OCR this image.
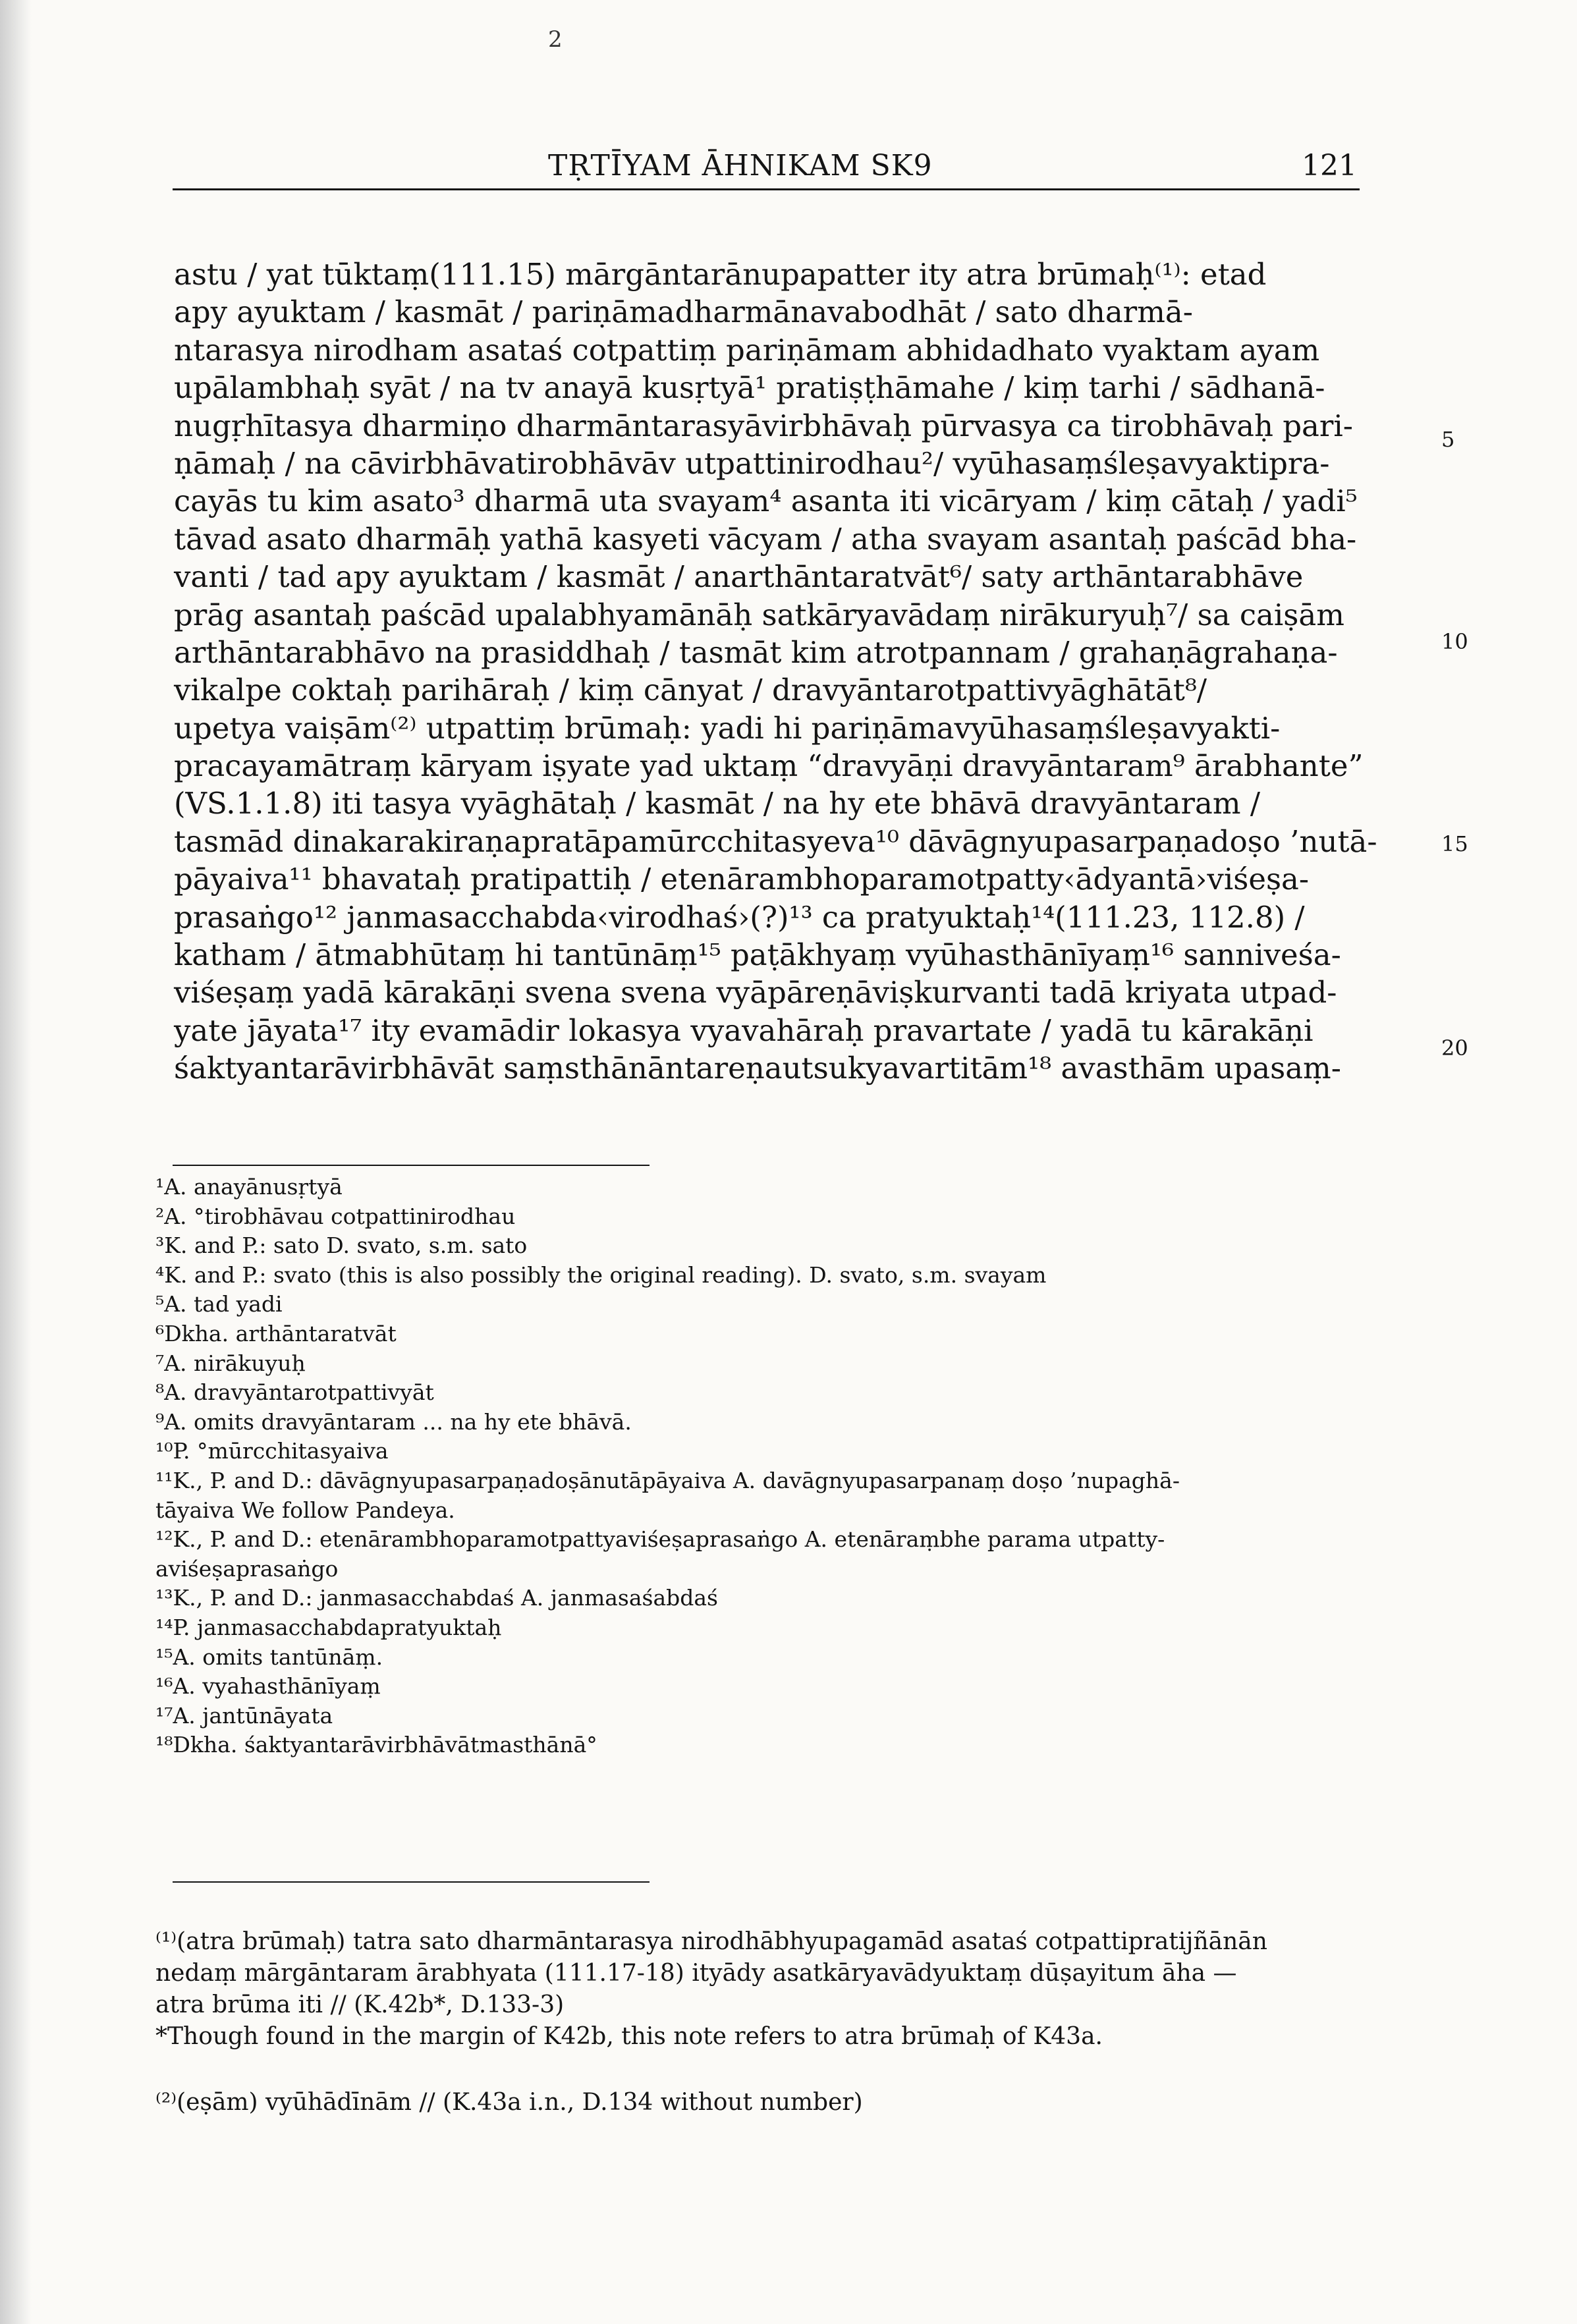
2
TṚTĪYAM ĀHNIKAM SK9	121
astu / yat tūktaṃ(111.15) mārgāntarānupapatter ity atra brūmaḥ⁽¹⁾: etad
apy ayuktam / kasmāt / pariṇāmadharmānavabodhāt / sato dharmā-
ntarasya nirodham asataś cotpattiṃ pariṇāmam abhidadhato vyaktam ayam
upālambhaḥ syāt / na tv anayā kusṛtyā¹ pratiṣṭhāmahe / kiṃ tarhi / sādhanā-
nugṛhītasya dharmiṇo dharmāntarasyāvirbhāvaḥ pūrvasya ca tirobhāvaḥ pari-
ṇāmaḥ / na cāvirbhāvatirobhāvāv utpattinirodhau²/ vyūhasaṃśleṣavyaktipra-
cayās tu kim asato³ dharmā uta svayam⁴ asanta iti vicāryam / kiṃ cātaḥ / yadi⁵
tāvad asato dharmāḥ yathā kasyeti vācyam / atha svayam asantaḥ paścād bha-
vanti / tad apy ayuktam / kasmāt / anarthāntaratvāt⁶/ saty arthāntarabhāve
prāg asantaḥ paścād upalabhyamānāḥ satkāryavādaṃ nirākuryuḥ⁷/ sa caiṣām
arthāntarabhāvo na prasiddhaḥ / tasmāt kim atrotpannam / grahaṇāgrahaṇa-
vikalpe coktaḥ parihāraḥ / kiṃ cānyat / dravyāntarotpattivyāghātāt⁸/
upetya vaiṣām⁽²⁾ utpattiṃ brūmaḥ: yadi hi pariṇāmavyūhasaṃśleṣavyakti-
pracayamātraṃ kāryam iṣyate yad uktaṃ “dravyāṇi dravyāntaram⁹ ārabhante”
(VS.1.1.8) iti tasya vyāghātaḥ / kasmāt / na hy ete bhāvā dravyāntaram /
tasmād dinakarakiraṇapratāpamūrcchitasyeva¹⁰ dāvāgnyupasarpaṇadoṣo ’nutā-
pāyaiva¹¹ bhavataḥ pratipattiḥ / etenārambhoparamotpatty‹ādyantā›viśeṣa-
prasaṅgo¹² janmasacchabda‹virodhaś›(?)¹³ ca pratyuktaḥ¹⁴(111.23, 112.8) /
katham / ātmabhūtaṃ hi tantūnāṃ¹⁵ paṭākhyaṃ vyūhasthānīyaṃ¹⁶ sanniveśa-
viśeṣaṃ yadā kārakāṇi svena svena vyāpāreṇāviṣkurvanti tadā kriyata utpad-
yate jāyata¹⁷ ity evamādir lokasya vyavahāraḥ pravartate / yadā tu kārakāṇi
śaktyantarāvirbhāvāt saṃsthānāntareṇautsukyavartitām¹⁸ avasthām upasaṃ-
5
10
15
20
¹A. anayānusṛtyā
²A. °tirobhāvau cotpattinirodhau
³K. and P.: sato D. svato, s.m. sato
⁴K. and P.: svato (this is also possibly the original reading). D. svato, s.m. svayam
⁵A. tad yadi
⁶Dkha. arthāntaratvāt
⁷A. nirākuyuḥ
⁸A. dravyāntarotpattivyāt
⁹A. omits dravyāntaram ... na hy ete bhāvā.
¹⁰P. °mūrcchitasyaiva
¹¹K., P. and D.: dāvāgnyupasarpaṇadoṣānutāpāyaiva A. davāgnyupasarpanaṃ doṣo ’nupaghā-
tāyaiva We follow Pandeya.
¹²K., P. and D.: etenārambhoparamotpattyaviśeṣaprasaṅgo A. etenāraṃbhe parama utpatty-
aviśeṣaprasaṅgo
¹³K., P. and D.: janmasacchabdaś A. janmasaśabdaś
¹⁴P. janmasacchabdapratyuktaḥ
¹⁵A. omits tantūnāṃ.
¹⁶A. vyahasthānīyaṃ
¹⁷A. jantūnāyata
¹⁸Dkha. śaktyantarāvirbhāvātmasthānā°
⁽¹⁾(atra brūmaḥ) tatra sato dharmāntarasya nirodhābhyupagamād asataś cotpattipratijñānān
nedaṃ mārgāntaram ārabhyata (111.17-18) ityādy asatkāryavādyuktaṃ dūṣayitum āha —
atra brūma iti // (K.42b*, D.133-3)
*Though found in the margin of K42b, this note refers to atra brūmaḥ of K43a.
⁽²⁾(eṣām) vyūhādīnām // (K.43a i.n., D.134 without number)
